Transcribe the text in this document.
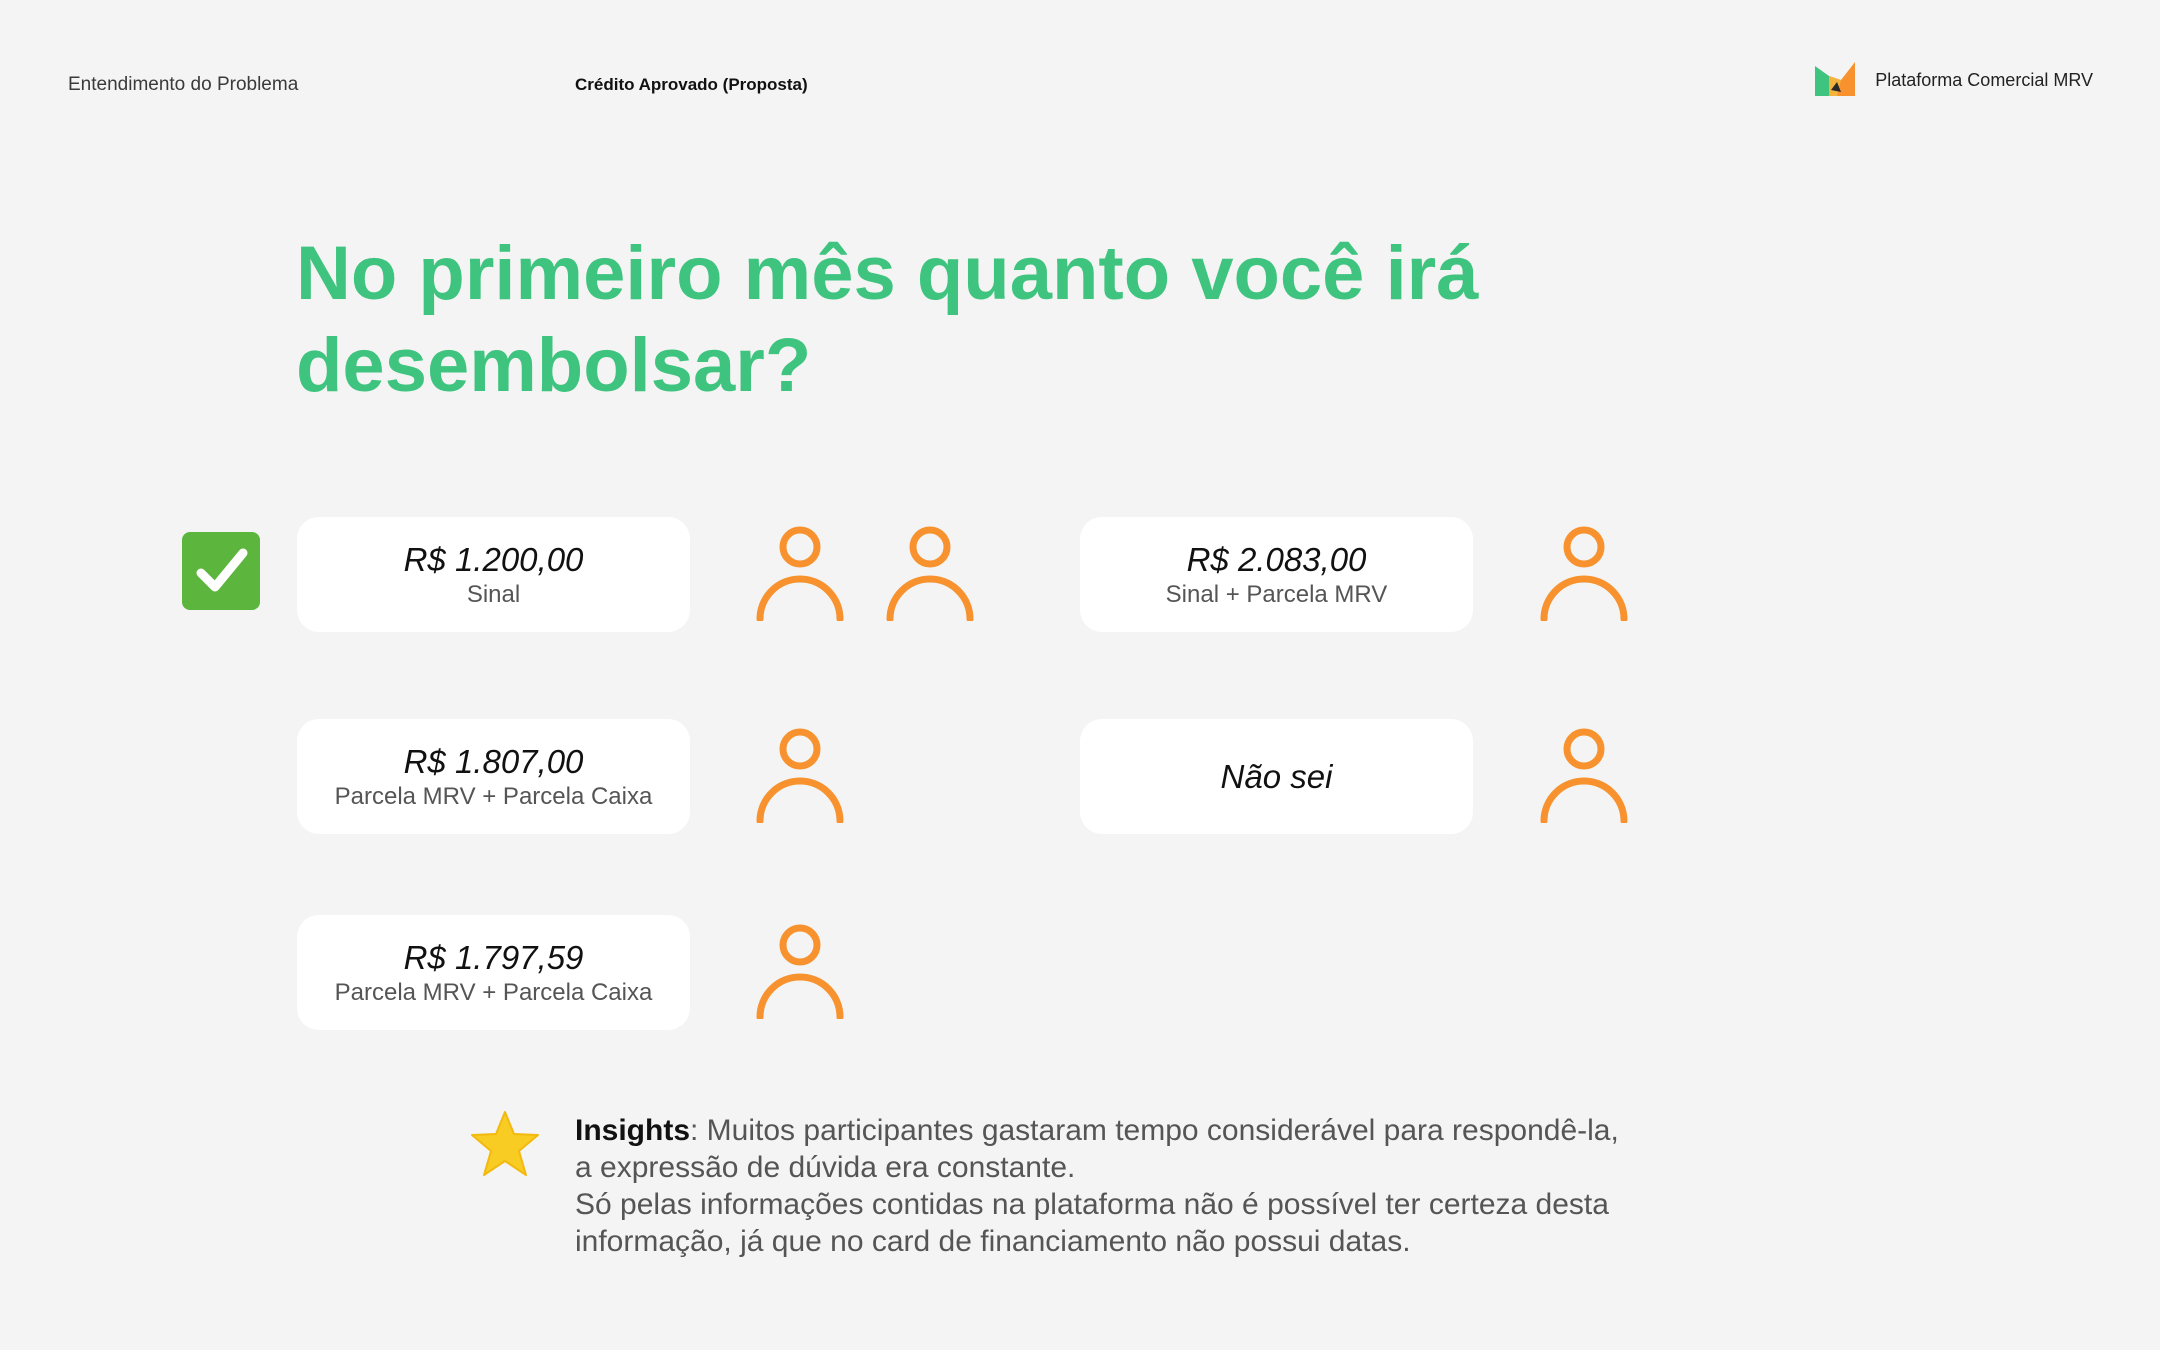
Entendimento do Problema	Crédito Aprovado (Proposta)	Plataforma Comercial MRV
No primeiro mês quanto você irá desembolsar?
R$ 1.200,00
Sinal
R$ 2.083,00
Sinal + Parcela MRV
R$ 1.807,00
Parcela MRV + Parcela Caixa
Não sei
R$ 1.797,59
Parcela MRV + Parcela Caixa

Insights: Muitos participantes gastaram tempo considerável para respondê-la,
a expressão de dúvida era constante.
Só pelas informações contidas na plataforma não é possível ter certeza desta
informação, já que no card de financiamento não possui datas.
